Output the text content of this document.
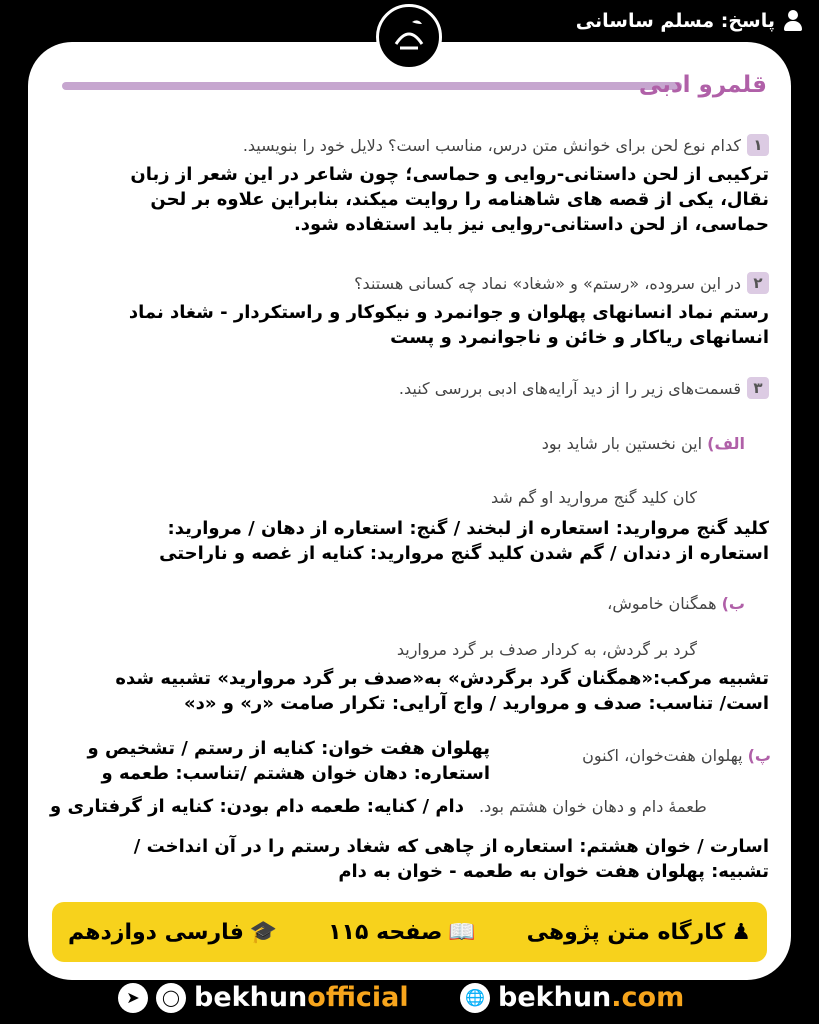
پاسخ: مسلم ساسانی
قلمرو ادبی
۱
کدام نوع لحن برای خوانش متن درس، مناسب است؟ دلایل خود را بنویسید.
ترکیبی از لحن داستانی-روایی و حماسی؛ چون شاعر در این شعر از زبان
نقال، یکی از قصه های شاهنامه را روایت میکند، بنابراین علاوه بر لحن
حماسی، از لحن داستانی-روایی نیز باید استفاده شود.
۲
در این سروده، «رستم» و «شغاد» نماد چه کسانی هستند؟
رستم نماد انسانهای پهلوان و جوانمرد و نیکوکار و راستکردار - شغاد نماد
انسانهای ریاکار و خائن و ناجوانمرد و پست
۳
قسمت‌های زیر را از دید آرایه‌های ادبی بررسی کنید.
الف) این نخستین بار شاید بود
کان کلید گنج مروارید او گم شد
کلید گنج مروارید: استعاره از لبخند / گنج: استعاره از دهان / مروارید:
استعاره از دندان / گم شدن کلید گنج مروارید: کنایه از غصه و ناراحتی
ب) همگنان خاموش،
گرد بر گردش، به کردار صدف بر گرد مروارید
تشبیه مرکب:«همگنان گرد برگردش» به«صدف بر گرد مروارید» تشبیه شده
است/ تناسب: صدف و مروارید / واج آرایی: تکرار صامت «ر» و «د»
پ) پهلوان هفت‌خوان، اکنون
پهلوان هفت خوان: کنایه از رستم / تشخیص و
استعاره: دهان خوان هشتم /تناسب: طعمه و
طعمهٔ دام و دهان خوان هشتم بود. دام / کنایه: طعمه دام بودن: کنایه از گرفتاری و
اسارت / خوان هشتم: استعاره از چاهی که شغاد رستم را در آن انداخت /
تشبیه: پهلوان هفت خوان به طعمه - خوان به دام
♟
کارگاه متن پژوهی
📖
صفحه ۱۱۵
🎓
فارسی دوازدهم
➤	◯ bekhunofficial	🌐 bekhun.com
